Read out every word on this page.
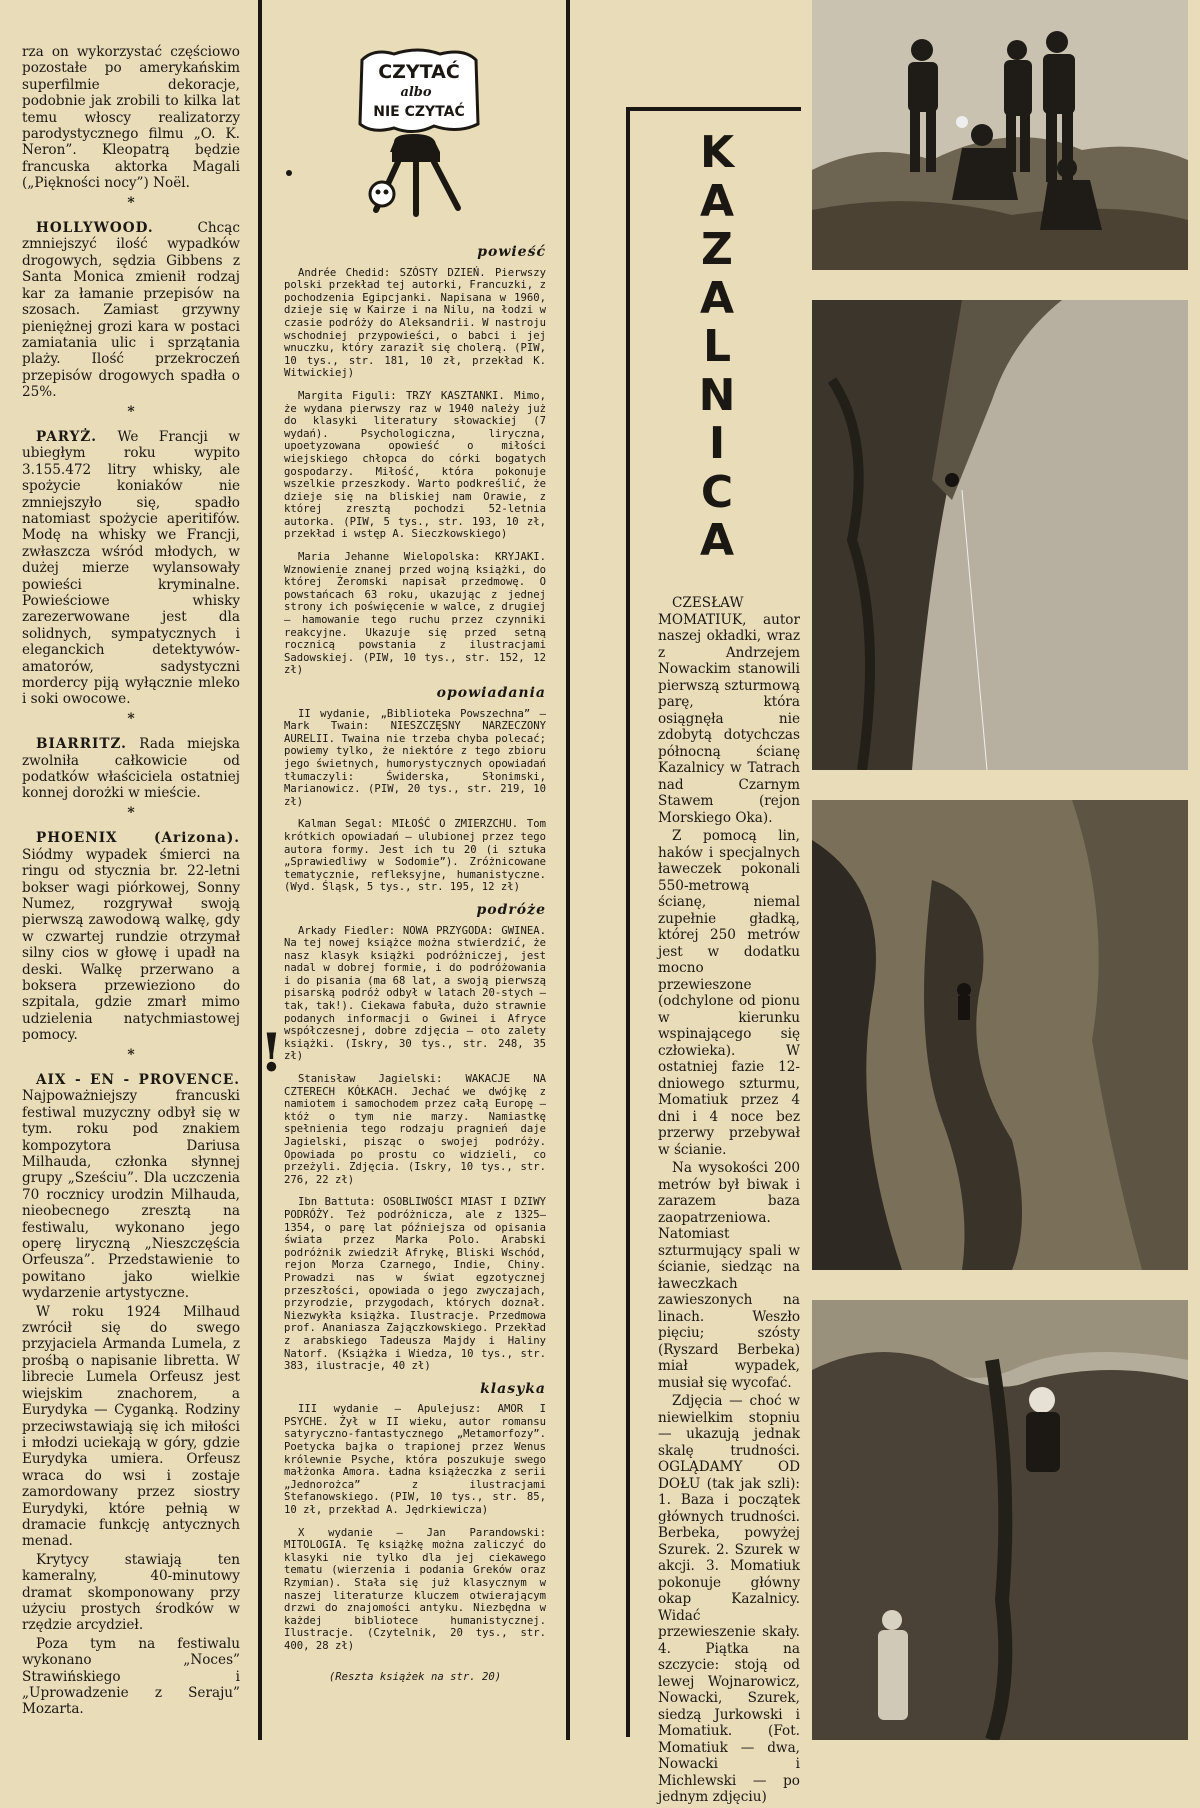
rza on wykorzystać częściowo pozostałe po amerykańskim superfilmie dekoracje, podobnie jak zrobili to kilka lat temu włoscy realizatorzy parodystycznego filmu „O. K. Neron”. Kleopatrą będzie francuska aktorka Magali („Piękności nocy”) Noël.

*

HOLLYWOOD. Chcąc zmniejszyć ilość wypadków drogowych, sędzia Gibbens z Santa Monica zmienił rodzaj kar za łamanie przepisów na szosach. Zamiast grzywny pieniężnej grozi kara w postaci zamiatania ulic i sprzątania plaży. Ilość przekroczeń przepisów drogowych spadła o 25%.

*

PARYŻ. We Francji w ubiegłym roku wypito 3.155.472 litry whisky, ale spożycie koniaków nie zmniejszyło się, spadło natomiast spożycie aperitifów. Modę na whisky we Francji, zwłaszcza wśród młodych, w dużej mierze wylansowały powieści kryminalne. Powieściowe whisky zarezerwowane jest dla solidnych, sympatycznych i eleganckich detektywów-amatorów, sadystyczni mordercy piją wyłącznie mleko i soki owocowe.

*

BIARRITZ. Rada miejska zwolniła całkowicie od podatków właściciela ostatniej konnej dorożki w mieście.

*

PHOENIX (Arizona). Siódmy wypadek śmierci na ringu od stycznia br. 22-letni bokser wagi piórkowej, Sonny Numez, rozgrywał swoją pierwszą zawodową walkę, gdy w czwartej rundzie otrzymał silny cios w głowę i upadł na deski. Walkę przerwano a boksera przewieziono do szpitala, gdzie zmarł mimo udzielenia natychmiastowej pomocy.

*

AIX - EN - PROVENCE. Najpoważniejszy francuski festiwal muzyczny odbył się w tym. roku pod znakiem kompozytora Dariusa Milhauda, członka słynnej grupy „Sześciu”. Dla uczczenia 70 rocznicy urodzin Milhauda, nieobecnego zresztą na festiwalu, wykonano jego operę liryczną „Nieszczęścia Orfeusza”. Przedstawienie to powitano jako wielkie wydarzenie artystyczne.

W roku 1924 Milhaud zwrócił się do swego przyjaciela Armanda Lumela, z prośbą o napisanie libretta. W librecie Lumela Orfeusz jest wiejskim znachorem, a Eurydyka — Cyganką. Rodziny przeciwstawiają się ich miłości i młodzi uciekają w góry, gdzie Eurydyka umiera. Orfeusz wraca do wsi i zostaje zamordowany przez siostry Eurydyki, które pełnią w dramacie funkcję antycznych menad.

Krytycy stawiają ten kameralny, 40-minutowy dramat skomponowany przy użyciu prostych środków w rzędzie arcydzieł.

Poza tym na festiwalu wykonano „Noces” Strawińskiego i „Uprowadzenie z Seraju” Mozarta.

CZYTAĆ
albo
NIE CZYTAĆ
powieść

Andrée Chedid: SZÓSTY DZIEŃ. Pierwszy polski przekład tej autorki, Francuzki, z pochodzenia Egipcjanki. Napisana w 1960, dzieje się w Kairze i na Nilu, na łodzi w czasie podróży do Aleksandrii. W nastroju wschodniej przypowieści, o babci i jej wnuczku, który zaraził się cholerą. (PIW, 10 tys., str. 181, 10 zł, przekład K. Witwickiej)

Margita Figuli: TRZY KASZTANKI. Mimo, że wydana pierwszy raz w 1940 należy już do klasyki literatury słowackiej (7 wydań). Psychologiczna, liryczna, upoetyzowana opowieść o miłości wiejskiego chłopca do córki bogatych gospodarzy. Miłość, która pokonuje wszelkie przeszkody. Warto podkreślić, że dzieje się na bliskiej nam Orawie, z której zresztą pochodzi 52-letnia autorka. (PIW, 5 tys., str. 193, 10 zł, przekład i wstęp A. Sieczkowskiego)

Maria Jehanne Wielopolska: KRYJAKI. Wznowienie znanej przed wojną książki, do której Żeromski napisał przedmowę. O powstańcach 63 roku, ukazując z jednej strony ich poświęcenie w walce, z drugiej — hamowanie tego ruchu przez czynniki reakcyjne. Ukazuje się przed setną rocznicą powstania z ilustracjami Sadowskiej. (PIW, 10 tys., str. 152, 12 zł)

opowiadania

II wydanie, „Biblioteka Powszechna” — Mark Twain: NIESZCZĘSNY NARZECZONY AURELII. Twaina nie trzeba chyba polecać; powiemy tylko, że niektóre z tego zbioru jego świetnych, humorystycznych opowiadań tłumaczyli: Świderska, Słonimski, Marianowicz. (PIW, 20 tys., str. 219, 10 zł)

Kalman Segal: MIŁOŚĆ O ZMIERZCHU. Tom krótkich opowiadań — ulubionej przez tego autora formy. Jest ich tu 20 (i sztuka „Sprawiedliwy w Sodomie”). Zróżnicowane tematycznie, refleksyjne, humanistyczne. (Wyd. Śląsk, 5 tys., str. 195, 12 zł)

podróże

Arkady Fiedler: NOWA PRZYGODA: GWINEA. Na tej nowej książce można stwierdzić, że nasz klasyk książki podróżniczej, jest nadal w dobrej formie, i do podróżowania i do pisania (ma 68 lat, a swoją pierwszą pisarską podróż odbył w latach 20-stych — tak, tak!). Ciekawa fabuła, dużo strawnie podanych informacji o Gwinei i Afryce współczesnej, dobre zdjęcia — oto zalety książki. (Iskry, 30 tys., str. 248, 35 zł)

Stanisław Jagielski: WAKACJE NA CZTERECH KÓŁKACH. Jechać we dwójkę z namiotem i samochodem przez całą Europę — któż o tym nie marzy. Namiastkę spełnienia tego rodzaju pragnień daje Jagielski, pisząc o swojej podróży. Opowiada po prostu co widzieli, co przeżyli. Zdjęcia. (Iskry, 10 tys., str. 276, 22 zł)

Ibn Battuta: OSOBLIWOŚCI MIAST I DZIWY PODRÓŻY. Też podróżnicza, ale z 1325—1354, o parę lat późniejsza od opisania świata przez Marka Polo. Arabski podróżnik zwiedził Afrykę, Bliski Wschód, rejon Morza Czarnego, Indie, Chiny. Prowadzi nas w świat egzotycznej przeszłości, opowiada o jego zwyczajach, przyrodzie, przygodach, których doznał. Niezwykła książka. Ilustracje. Przedmowa prof. Ananiasza Zajączkowskiego. Przekład z arabskiego Tadeusza Majdy i Haliny Natorf. (Książka i Wiedza, 10 tys., str. 383, ilustracje, 40 zł)

klasyka

III wydanie — Apulejusz: AMOR I PSYCHE. Żył w II wieku, autor romansu satyryczno-fantastycznego „Metamorfozy”. Poetycka bajka o trapionej przez Wenus królewnie Psyche, która poszukuje swego małżonka Amora. Ładna książeczka z serii „Jednorożca” z ilustracjami Stefanowskiego. (PIW, 10 tys., str. 85, 10 zł, przekład A. Jędrkiewicza)

X wydanie — Jan Parandowski: MITOLOGIA. Tę książkę można zaliczyć do klasyki nie tylko dla jej ciekawego tematu (wierzenia i podania Greków oraz Rzymian). Stała się już klasycznym w naszej literaturze kluczem otwierającym drzwi do znajomości antyku. Niezbędna w każdej bibliotece humanistycznej. Ilustracje. (Czytelnik, 20 tys., str. 400, 28 zł)

(Reszta książek na str. 20)
!
K
A
Z
A
L
N
I
C
A

CZESŁAW MOMATIUK, autor naszej okładki, wraz z Andrzejem Nowackim stanowili pierwszą szturmową parę, która osiągnęła nie zdobytą dotychczas północną ścianę Kazalnicy w Tatrach nad Czarnym Stawem (rejon Morskiego Oka).

Z pomocą lin, haków i specjalnych ławeczek pokonali 550-metrową ścianę, niemal zupełnie gładką, której 250 metrów jest w dodatku mocno przewieszone (odchylone od pionu w kierunku wspinającego się człowieka). W ostatniej fazie 12-dniowego szturmu, Momatiuk przez 4 dni i 4 noce bez przerwy przebywał w ścianie.

Na wysokości 200 metrów był biwak i zarazem baza zaopatrzeniowa. Natomiast szturmujący spali w ścianie, siedząc na ławeczkach zawieszonych na linach. Weszło pięciu; szósty (Ryszard Berbeka) miał wypadek, musiał się wycofać.

Zdjęcia — choć w niewielkim stopniu — ukazują jednak skalę trudności. OGLĄDAMY OD DOŁU (tak jak szli): 1. Baza i początek głównych trudności. Berbeka, powyżej Szurek. 2. Szurek w akcji. 3. Momatiuk pokonuje główny okap Kazalnicy. Widać przewieszenie skały. 4. Piątka na szczycie: stoją od lewej Wojnarowicz, Nowacki, Szurek, siedzą Jurkowski i Momatiuk. (Fot. Momatiuk — dwa, Nowacki i Michlewski — po jednym zdjęciu)
